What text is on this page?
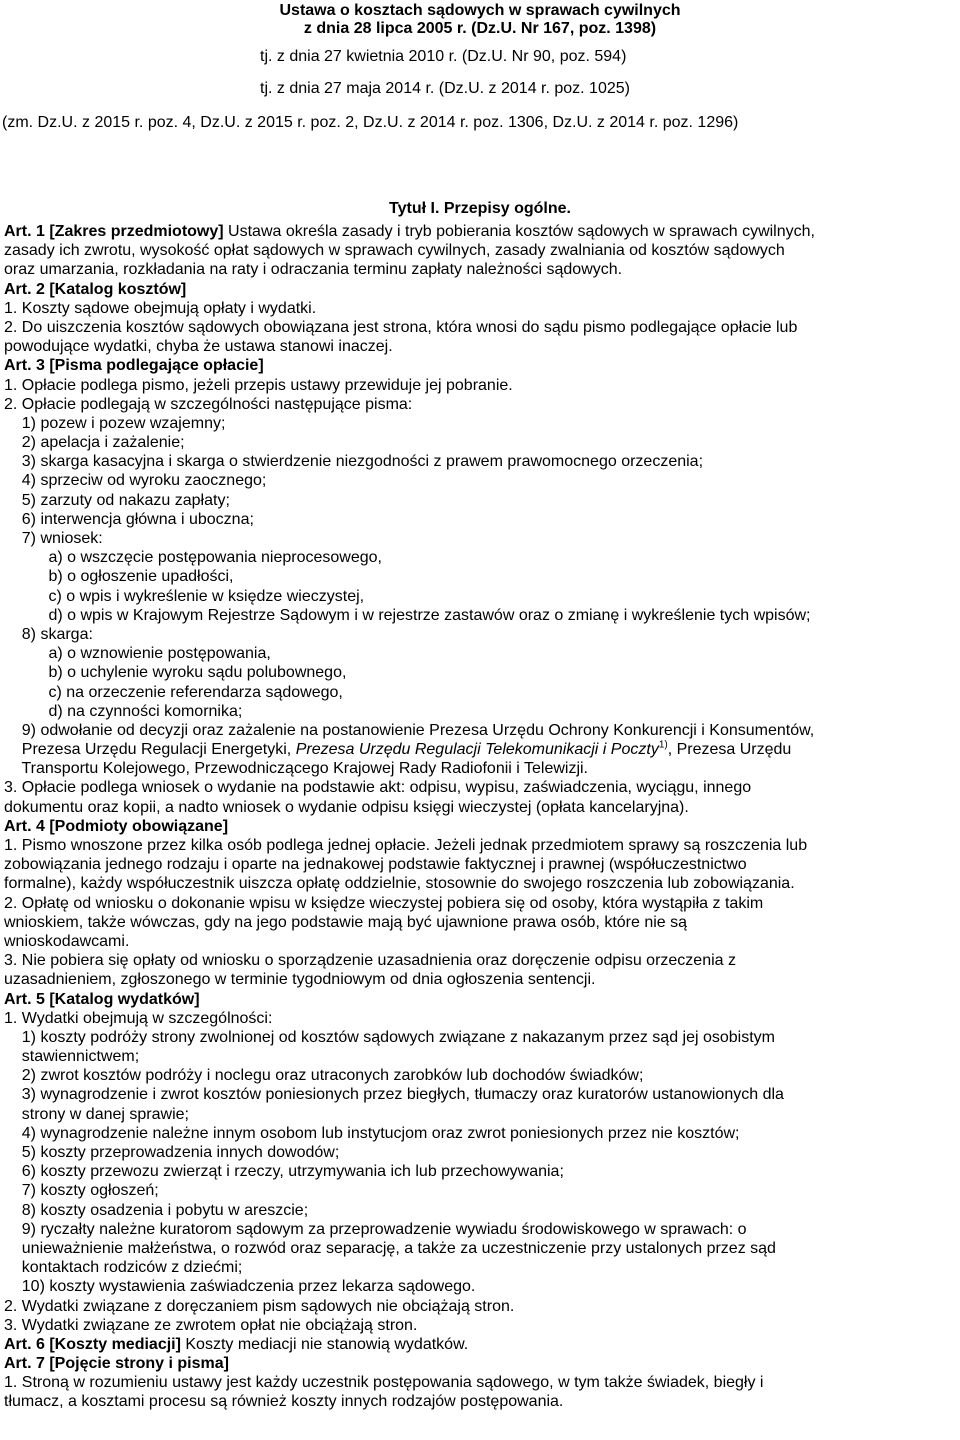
Ustawa o kosztach sądowych w sprawach cywilnych
z dnia 28 lipca 2005 r. (Dz.U. Nr 167, poz. 1398)
tj. z dnia 27 kwietnia 2010 r. (Dz.U. Nr 90, poz. 594)
tj. z dnia 27 maja 2014 r. (Dz.U. z 2014 r. poz. 1025)
(zm. Dz.U. z 2015 r. poz. 4, Dz.U. z 2015 r. poz. 2, Dz.U. z 2014 r. poz. 1306, Dz.U. z 2014 r. poz. 1296)
Tytuł I. Przepisy ogólne.
Art. 1 [Zakres przedmiotowy] Ustawa określa zasady i tryb pobierania kosztów sądowych w sprawach cywilnych,
zasady ich zwrotu, wysokość opłat sądowych w sprawach cywilnych, zasady zwalniania od kosztów sądowych
oraz umarzania, rozkładania na raty i odraczania terminu zapłaty należności sądowych.
Art. 2 [Katalog kosztów]
1. Koszty sądowe obejmują opłaty i wydatki.
2. Do uiszczenia kosztów sądowych obowiązana jest strona, która wnosi do sądu pismo podlegające opłacie lub
powodujące wydatki, chyba że ustawa stanowi inaczej.
Art. 3 [Pisma podlegające opłacie]
1. Opłacie podlega pismo, jeżeli przepis ustawy przewiduje jej pobranie.
2. Opłacie podlegają w szczególności następujące pisma:
1) pozew i pozew wzajemny;
2) apelacja i zażalenie;
3) skarga kasacyjna i skarga o stwierdzenie niezgodności z prawem prawomocnego orzeczenia;
4) sprzeciw od wyroku zaocznego;
5) zarzuty od nakazu zapłaty;
6) interwencja główna i uboczna;
7) wniosek:
a) o wszczęcie postępowania nieprocesowego,
b) o ogłoszenie upadłości,
c) o wpis i wykreślenie w księdze wieczystej,
d) o wpis w Krajowym Rejestrze Sądowym i w rejestrze zastawów oraz o zmianę i wykreślenie tych wpisów;
8) skarga:
a) o wznowienie postępowania,
b) o uchylenie wyroku sądu polubownego,
c) na orzeczenie referendarza sądowego,
d) na czynności komornika;
9) odwołanie od decyzji oraz zażalenie na postanowienie Prezesa Urzędu Ochrony Konkurencji i Konsumentów,
Prezesa Urzędu Regulacji Energetyki, Prezesa Urzędu Regulacji Telekomunikacji i Poczty$^{1)}$, Prezesa Urzędu
Transportu Kolejowego, Przewodniczącego Krajowej Rady Radiofonii i Telewizji.
3. Opłacie podlega wniosek o wydanie na podstawie akt: odpisu, wypisu, zaświadczenia, wyciągu, innego
dokumentu oraz kopii, a nadto wniosek o wydanie odpisu księgi wieczystej (opłata kancelaryjna).
Art. 4 [Podmioty obowiązane]
1. Pismo wnoszone przez kilka osób podlega jednej opłacie. Jeżeli jednak przedmiotem sprawy są roszczenia lub
zobowiązania jednego rodzaju i oparte na jednakowej podstawie faktycznej i prawnej (współuczestnictwo
formalne), każdy współuczestnik uiszcza opłatę oddzielnie, stosownie do swojego roszczenia lub zobowiązania.
2. Opłatę od wniosku o dokonanie wpisu w księdze wieczystej pobiera się od osoby, która wystąpiła z takim
wnioskiem, także wówczas, gdy na jego podstawie mają być ujawnione prawa osób, które nie są
wnioskodawcami.
3. Nie pobiera się opłaty od wniosku o sporządzenie uzasadnienia oraz doręczenie odpisu orzeczenia z
uzasadnieniem, zgłoszonego w terminie tygodniowym od dnia ogłoszenia sentencji.
Art. 5 [Katalog wydatków]
1. Wydatki obejmują w szczególności:
1) koszty podróży strony zwolnionej od kosztów sądowych związane z nakazanym przez sąd jej osobistym
stawiennictwem;
2) zwrot kosztów podróży i noclegu oraz utraconych zarobków lub dochodów świadków;
3) wynagrodzenie i zwrot kosztów poniesionych przez biegłych, tłumaczy oraz kuratorów ustanowionych dla
strony w danej sprawie;
4) wynagrodzenie należne innym osobom lub instytucjom oraz zwrot poniesionych przez nie kosztów;
5) koszty przeprowadzenia innych dowodów;
6) koszty przewozu zwierząt i rzeczy, utrzymywania ich lub przechowywania;
7) koszty ogłoszeń;
8) koszty osadzenia i pobytu w areszcie;
9) ryczałty należne kuratorom sądowym za przeprowadzenie wywiadu środowiskowego w sprawach: o
unieważnienie małżeństwa, o rozwód oraz separację, a także za uczestniczenie przy ustalonych przez sąd
kontaktach rodziców z dziećmi;
10) koszty wystawienia zaświadczenia przez lekarza sądowego.
2. Wydatki związane z doręczaniem pism sądowych nie obciążają stron.
3. Wydatki związane ze zwrotem opłat nie obciążają stron.
Art. 6 [Koszty mediacji] Koszty mediacji nie stanowią wydatków.
Art. 7 [Pojęcie strony i pisma]
1. Stroną w rozumieniu ustawy jest każdy uczestnik postępowania sądowego, w tym także świadek, biegły i
tłumacz, a kosztami procesu są również koszty innych rodzajów postępowania.
